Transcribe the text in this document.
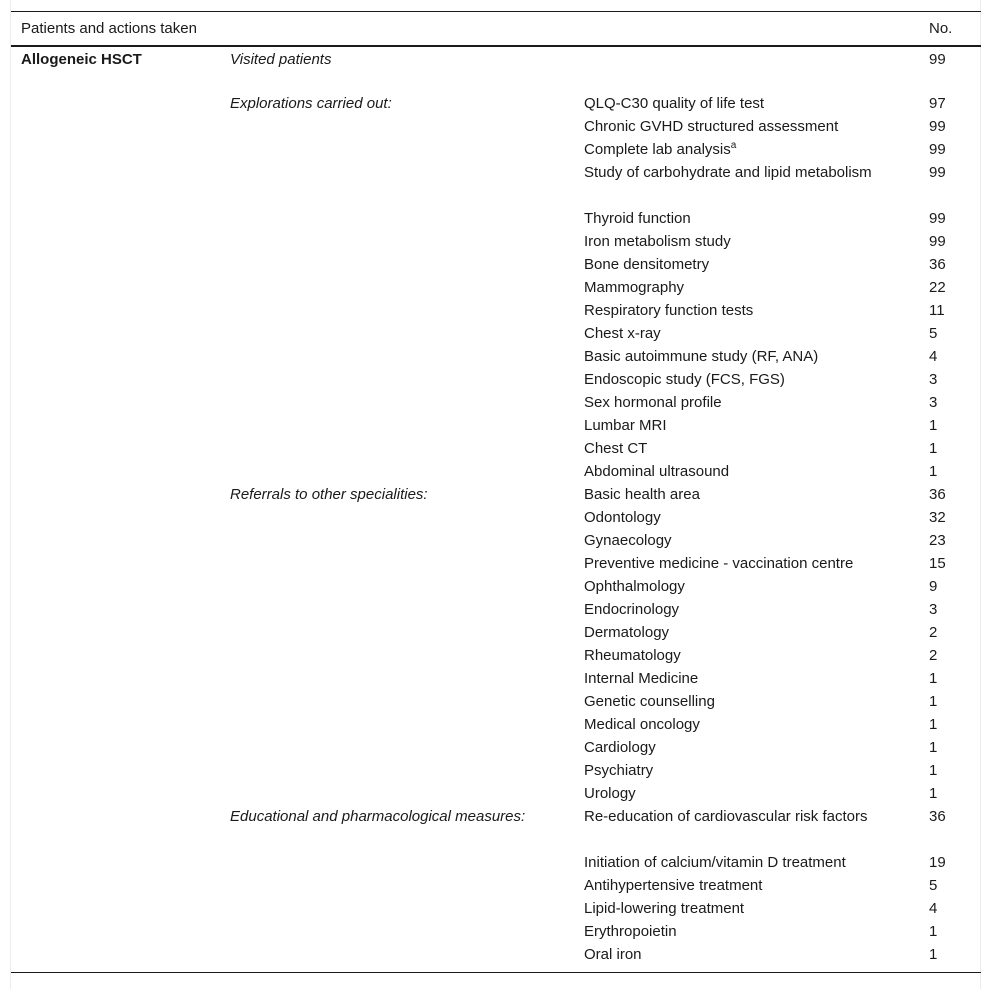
Patients and actions taken			No.
Allogeneic HSCT	Visited patients		99
	Explorations carried out:	QLQ-C30 quality of life test	97
		Chronic GVHD structured assessment	99
		Complete lab analysis$^a$	99
		Study of carbohydrate and lipid metabolism	99
		Thyroid function	99
		Iron metabolism study	99
		Bone densitometry	36
		Mammography	22
		Respiratory function tests	11
		Chest x-ray	5
		Basic autoimmune study (RF, ANA)	4
		Endoscopic study (FCS, FGS)	3
		Sex hormonal profile	3
		Lumbar MRI	1
		Chest CT	1
		Abdominal ultrasound	1
	Referrals to other specialities:	Basic health area	36
		Odontology	32
		Gynaecology	23
		Preventive medicine - vaccination centre	15
		Ophthalmology	9
		Endocrinology	3
		Dermatology	2
		Rheumatology	2
		Internal Medicine	1
		Genetic counselling	1
		Medical oncology	1
		Cardiology	1
		Psychiatry	1
		Urology	1
	Educational and pharmacological measures:	Re-education of cardiovascular risk factors	36
		Initiation of calcium/vitamin D treatment	19
		Antihypertensive treatment	5
		Lipid-lowering treatment	4
		Erythropoietin	1
		Oral iron	1
